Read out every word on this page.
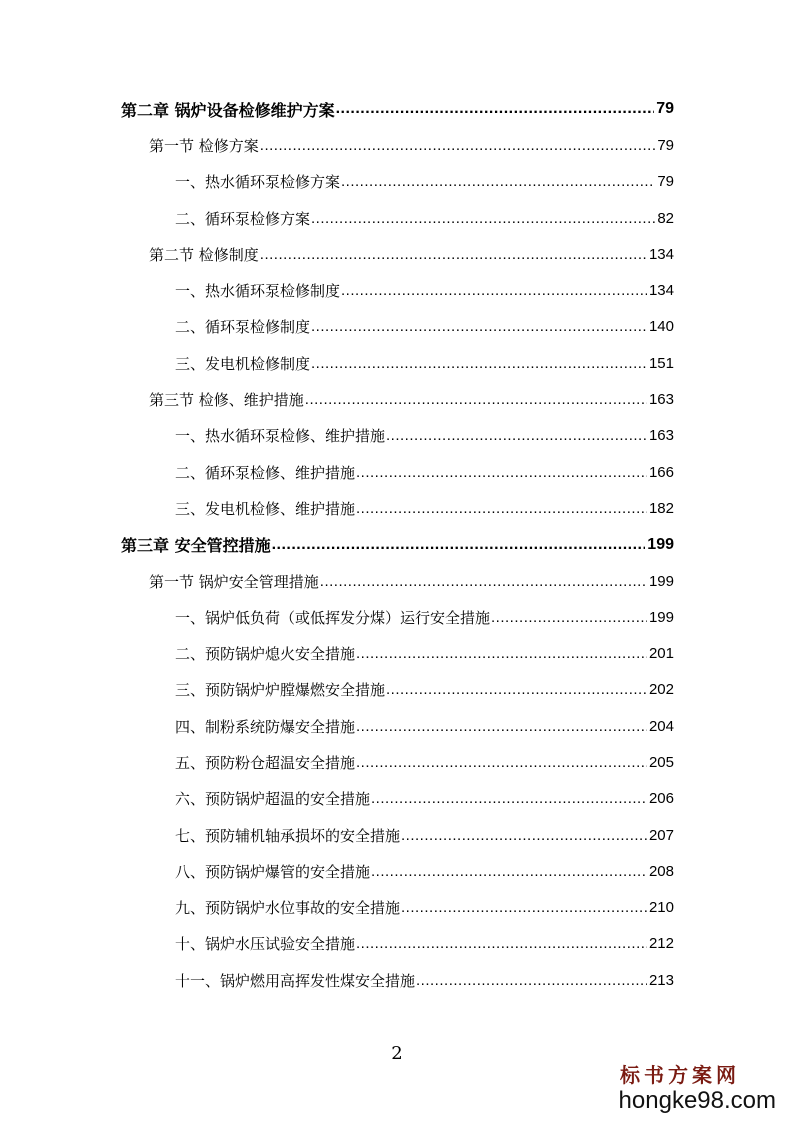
第二章 锅炉设备检修维护方案 .....	79
第一节 检修方案 .....	79
一、热水循环泵检修方案 .....	79
二、循环泵检修方案 .....	82
第二节 检修制度 .....	134
一、热水循环泵检修制度 .....	134
二、循环泵检修制度 .....	140
三、发电机检修制度 .....	151
第三节 检修、维护措施 .....	163
一、热水循环泵检修、维护措施 .....	163
二、循环泵检修、维护措施 .....	166
三、发电机检修、维护措施 .....	182
第三章 安全管控措施 .....	199
第一节 锅炉安全管理措施 .....	199
一、锅炉低负荷（或低挥发分煤）运行安全措施 .....	199
二、预防锅炉熄火安全措施 .....	201
三、预防锅炉炉膛爆燃安全措施 .....	202
四、制粉系统防爆安全措施 .....	204
五、预防粉仓超温安全措施 .....	205
六、预防锅炉超温的安全措施 .....	206
七、预防辅机轴承损坏的安全措施 .....	207
八、预防锅炉爆管的安全措施 .....	208
九、预防锅炉水位事故的安全措施 .....	210
十、锅炉水压试验安全措施 .....	212
十一、锅炉燃用高挥发性煤安全措施 .....	213
2
标书方案网
hongke98.com
